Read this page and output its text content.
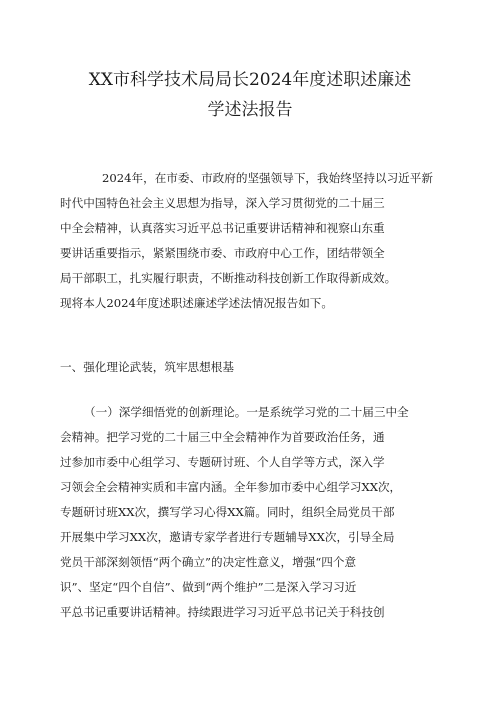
XX市科学技术局局长2024年度述职述廉述
学述法报告
2024年，在市委、市政府的坚强领导下，我始终坚持以习近平新
时代中国特色社会主义思想为指导，深入学习贯彻党的二十届三
中全会精神，认真落实习近平总书记重要讲话精神和视察山东重
要讲话重要指示，紧紧围绕市委、市政府中心工作，团结带领全
局干部职工，扎实履行职责，不断推动科技创新工作取得新成效。
现将本人2024年度述职述廉述学述法情况报告如下。
一、强化理论武装，筑牢思想根基
（一）深学细悟党的创新理论。一是系统学习党的二十届三中全
会精神。把学习党的二十届三中全会精神作为首要政治任务，通
过参加市委中心组学习、专题研讨班、个人自学等方式，深入学
习领会全会精神实质和丰富内涵。全年参加市委中心组学习XX次，
专题研讨班XX次，撰写学习心得XX篇。同时，组织全局党员干部
开展集中学习XX次，邀请专家学者进行专题辅导XX次，引导全局
党员干部深刻领悟“两个确立”的决定性意义，增强“四个意
识”、坚定“四个自信”、做到“两个维护”二是深入学习习近
平总书记重要讲话精神。持续跟进学习习近平总书记关于科技创
